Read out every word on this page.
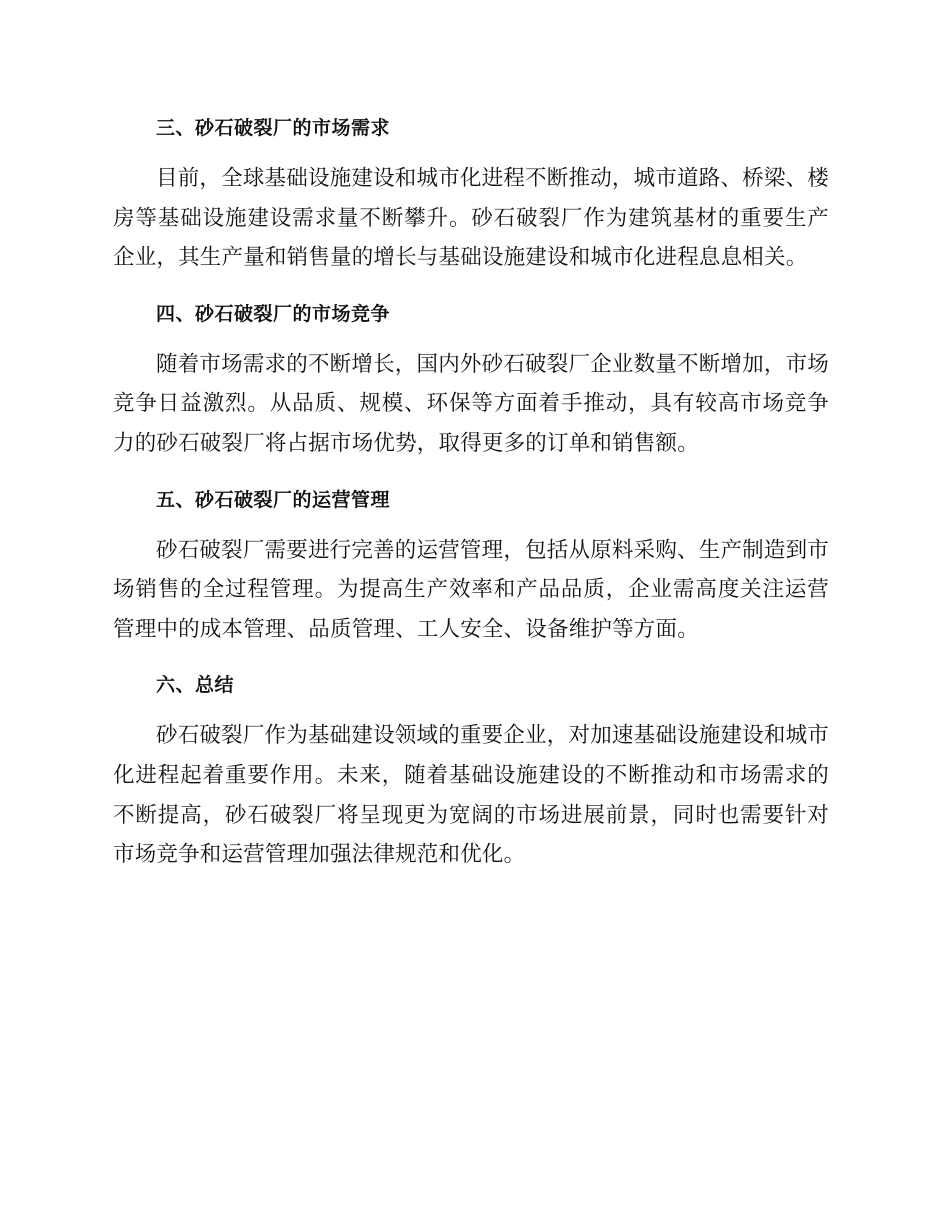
三、砂石破裂厂的市场需求

目前，全球基础设施建设和城市化进程不断推动，城市道路、桥梁、楼房等基础设施建设需求量不断攀升。砂石破裂厂作为建筑基材的重要生产企业，其生产量和销售量的增长与基础设施建设和城市化进程息息相关。

四、砂石破裂厂的市场竞争

随着市场需求的不断增长，国内外砂石破裂厂企业数量不断增加，市场竞争日益激烈。从品质、规模、环保等方面着手推动，具有较高市场竞争力的砂石破裂厂将占据市场优势，取得更多的订单和销售额。

五、砂石破裂厂的运营管理

砂石破裂厂需要进行完善的运营管理，包括从原料采购、生产制造到市场销售的全过程管理。为提高生产效率和产品品质，企业需高度关注运营管理中的成本管理、品质管理、工人安全、设备维护等方面。

六、总结

砂石破裂厂作为基础建设领域的重要企业，对加速基础设施建设和城市化进程起着重要作用。未来，随着基础设施建设的不断推动和市场需求的不断提高，砂石破裂厂将呈现更为宽阔的市场进展前景，同时也需要针对市场竞争和运营管理加强法律规范和优化。
